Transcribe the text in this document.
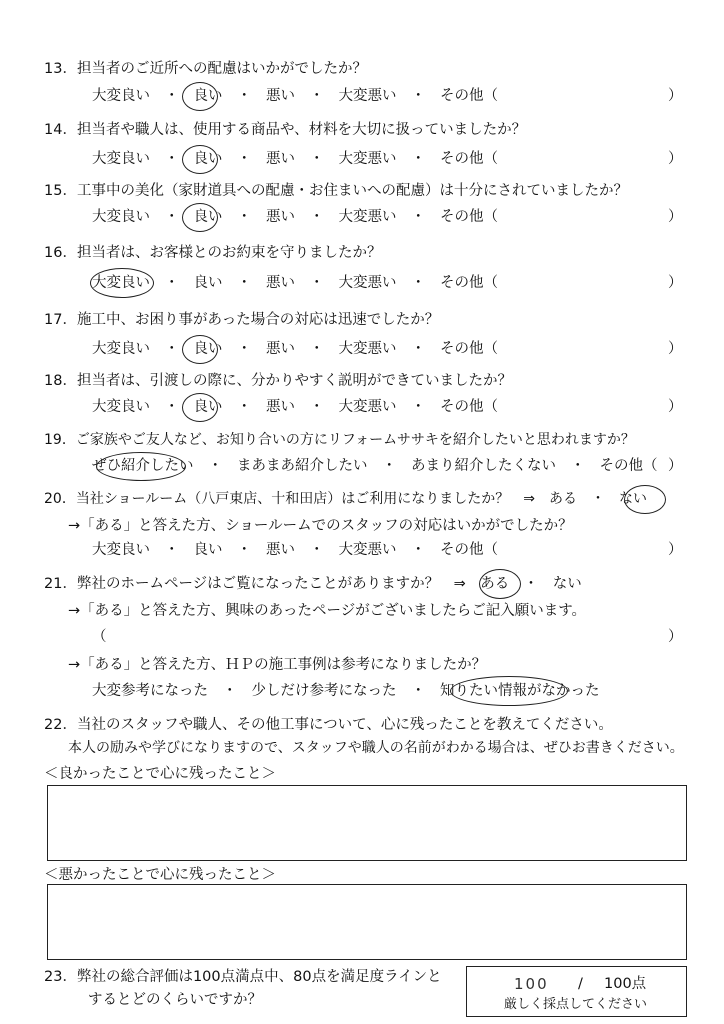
13．担当者のご近所への配慮はいかがでしたか？
大変良い　・　良い　・　悪い　・　大変悪い　・　その他（	）
14．担当者や職人は、使用する商品や、材料を大切に扱っていましたか？
大変良い　・　良い　・　悪い　・　大変悪い　・　その他（	）
15．工事中の美化（家財道具への配慮・お住まいへの配慮）は十分にされていましたか？
大変良い　・　良い　・　悪い　・　大変悪い　・　その他（	）
16．担当者は、お客様とのお約束を守りましたか？
大変良い　・　良い　・　悪い　・　大変悪い　・　その他（	）
17．施工中、お困り事があった場合の対応は迅速でしたか？
大変良い　・　良い　・　悪い　・　大変悪い　・　その他（	）
18．担当者は、引渡しの際に、分かりやすく説明ができていましたか？
大変良い　・　良い　・　悪い　・　大変悪い　・　その他（	）
19．ご家族やご友人など、お知り合いの方にリフォームササキを紹介したいと思われますか？
ぜひ紹介したい　・　まあまあ紹介したい　・　あまり紹介したくない　・　その他（ ）
20．当社ショールーム（八戸東店、十和田店）はご利用になりましたか？　⇒　ある　・　ない
→「ある」と答えた方、ショールームでのスタッフの対応はいかがでしたか？
大変良い　・　良い　・　悪い　・　大変悪い　・　その他（	）
21．弊社のホームページはご覧になったことがありますか？　⇒　ある　・　ない
→「ある」と答えた方、興味のあったページがございましたらご記入願います。
（	）
→「ある」と答えた方、ＨＰの施工事例は参考になりましたか？
大変参考になった　・　少しだけ参考になった　・　知りたい情報がなかった
22．当社のスタッフや職人、その他工事について、心に残ったことを教えてください。
本人の励みや学びになりますので、スタッフや職人の名前がわかる場合は、ぜひお書きください。
＜良かったことで心に残ったこと＞
＜悪かったことで心に残ったこと＞
23．弊社の総合評価は100点満点中、80点を満足度ラインと
するとどのくらいですか？
100 / 100点
厳しく採点してください
